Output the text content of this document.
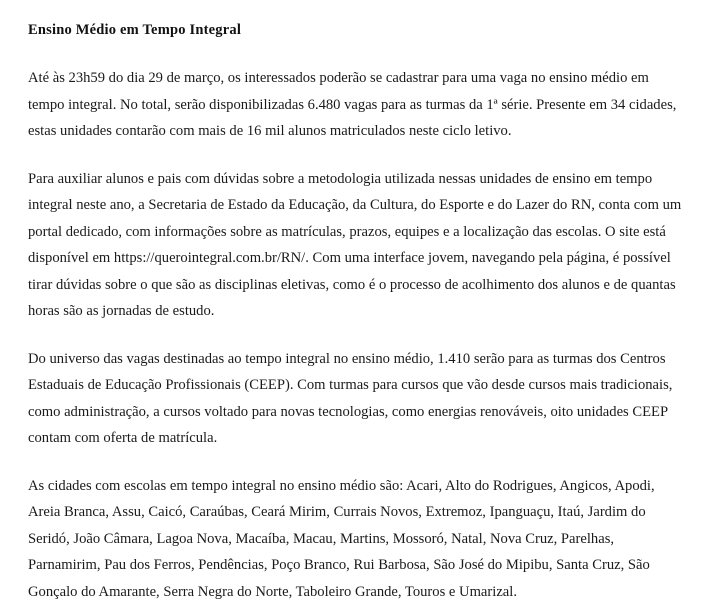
Ensino Médio em Tempo Integral

Até às 23h59 do dia 29 de março, os interessados poderão se cadastrar para uma vaga no ensino médio em tempo integral. No total, serão disponibilizadas 6.480 vagas para as turmas da 1ª série. Presente em 34 cidades, estas unidades contarão com mais de 16 mil alunos matriculados neste ciclo letivo.

Para auxiliar alunos e pais com dúvidas sobre a metodologia utilizada nessas unidades de ensino em tempo integral neste ano, a Secretaria de Estado da Educação, da Cultura, do Esporte e do Lazer do RN, conta com um portal dedicado, com informações sobre as matrículas, prazos, equipes e a localização das escolas. O site está disponível em https://querointegral.com.br/RN/. Com uma interface jovem, navegando pela página, é possível tirar dúvidas sobre o que são as disciplinas eletivas, como é o processo de acolhimento dos alunos e de quantas horas são as jornadas de estudo.

Do universo das vagas destinadas ao tempo integral no ensino médio, 1.410 serão para as turmas dos Centros Estaduais de Educação Profissionais (CEEP). Com turmas para cursos que vão desde cursos mais tradicionais, como administração, a cursos voltado para novas tecnologias, como energias renováveis, oito unidades CEEP contam com oferta de matrícula.

As cidades com escolas em tempo integral no ensino médio são: Acari, Alto do Rodrigues, Angicos, Apodi, Areia Branca, Assu, Caicó, Caraúbas, Ceará Mirim, Currais Novos, Extremoz, Ipanguaçu, Itaú, Jardim do Seridó, João Câmara, Lagoa Nova, Macaíba, Macau, Martins, Mossoró, Natal, Nova Cruz, Parelhas, Parnamirim, Pau dos Ferros, Pendências, Poço Branco, Rui Barbosa, São José do Mipibu, Santa Cruz, São Gonçalo do Amarante, Serra Negra do Norte, Taboleiro Grande, Touros e Umarizal.
